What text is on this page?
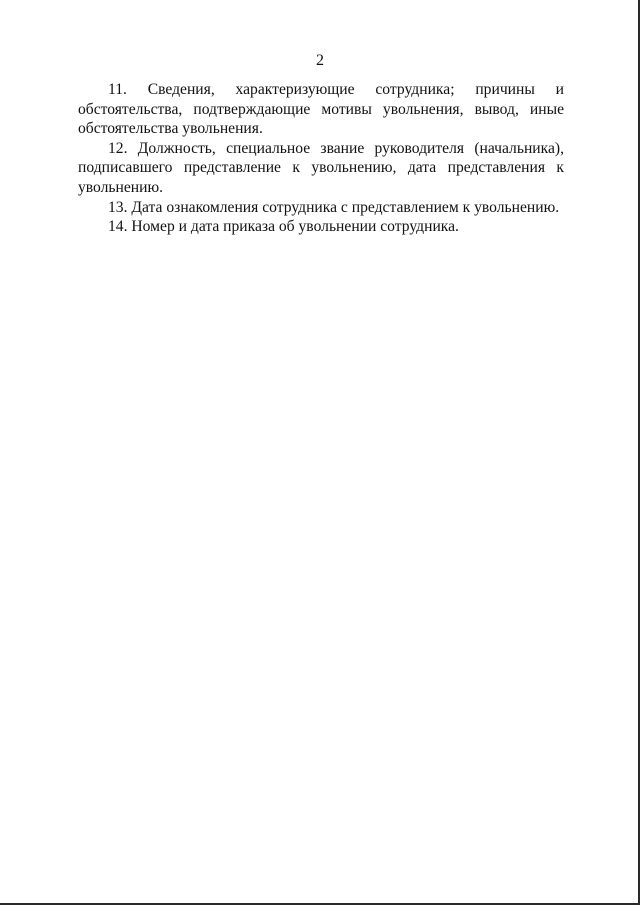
2

11. Сведения, характеризующие сотрудника; причины и обстоятельства, подтверждающие мотивы увольнения, вывод, иные обстоятельства увольнения.

12. Должность, специальное звание руководителя (начальника), подписавшего представление к увольнению, дата представления к увольнению.

13. Дата ознакомления сотрудника с представлением к увольнению.

14. Номер и дата приказа об увольнении сотрудника.
